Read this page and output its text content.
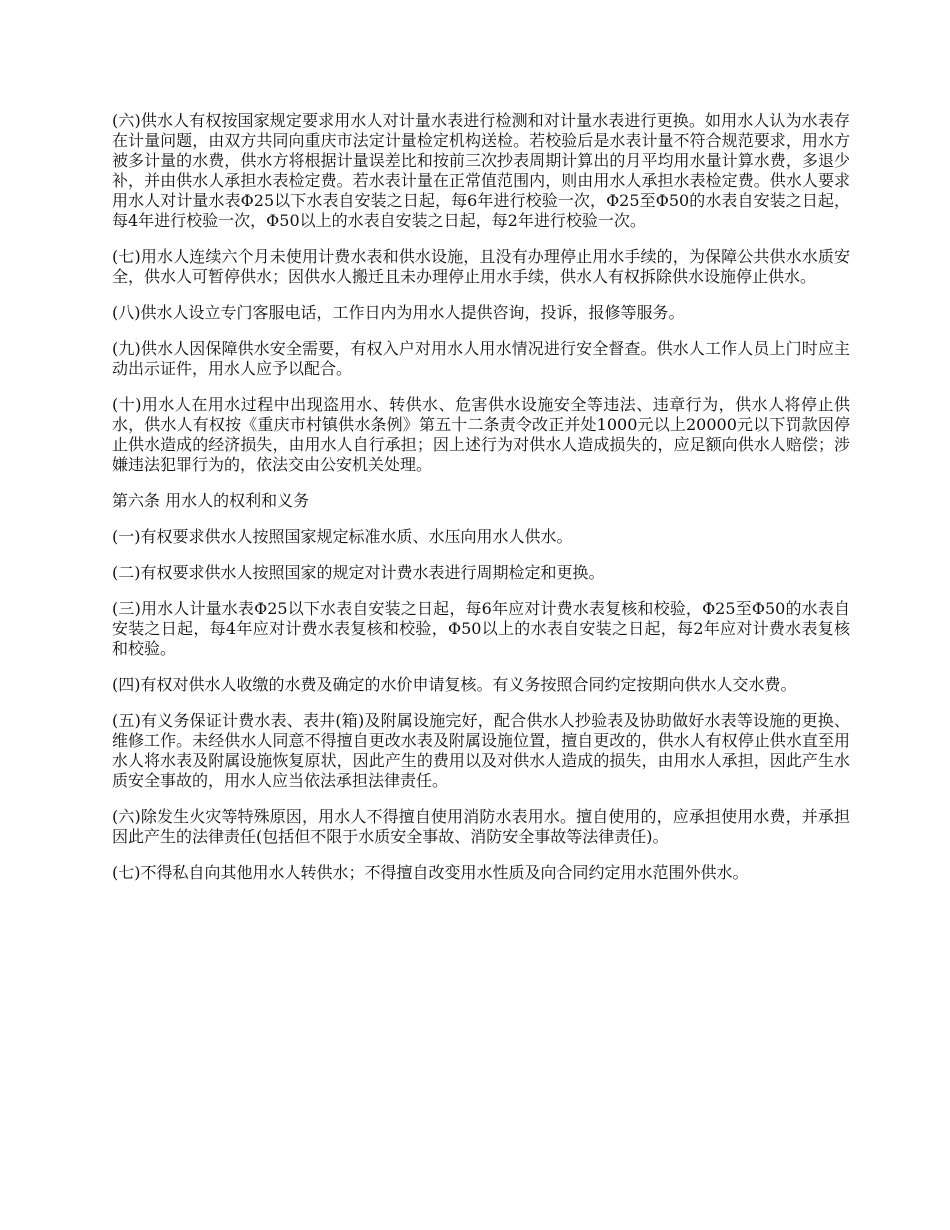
(六)供水人有权按国家规定要求用水人对计量水表进行检测和对计量水表进行更换。如用水人认为水表存在计量问题，由双方共同向重庆市法定计量检定机构送检。若校验后是水表计量不符合规范要求，用水方被多计量的水费，供水方将根据计量误差比和按前三次抄表周期计算出的月平均用水量计算水费，多退少补，并由供水人承担水表检定费。若水表计量在正常值范围内，则由用水人承担水表检定费。供水人要求用水人对计量水表Φ25以下水表自安装之日起，每6年进行校验一次，Φ25至Φ50的水表自安装之日起，每4年进行校验一次，Φ50以上的水表自安装之日起，每2年进行校验一次。

(七)用水人连续六个月未使用计费水表和供水设施，且没有办理停止用水手续的，为保障公共供水水质安全，供水人可暂停供水；因供水人搬迁且未办理停止用水手续，供水人有权拆除供水设施停止供水。

(八)供水人设立专门客服电话，工作日内为用水人提供咨询，投诉，报修等服务。

(九)供水人因保障供水安全需要，有权入户对用水人用水情况进行安全督查。供水人工作人员上门时应主动出示证件，用水人应予以配合。

(十)用水人在用水过程中出现盗用水、转供水、危害供水设施安全等违法、违章行为，供水人将停止供水，供水人有权按《重庆市村镇供水条例》第五十二条责令改正并处1000元以上20000元以下罚款因停止供水造成的经济损失，由用水人自行承担；因上述行为对供水人造成损失的，应足额向供水人赔偿；涉嫌违法犯罪行为的，依法交由公安机关处理。

第六条 用水人的权利和义务

(一)有权要求供水人按照国家规定标准水质、水压向用水人供水。

(二)有权要求供水人按照国家的规定对计费水表进行周期检定和更换。

(三)用水人计量水表Φ25以下水表自安装之日起，每6年应对计费水表复核和校验，Φ25至Φ50的水表自安装之日起，每4年应对计费水表复核和校验，Φ50以上的水表自安装之日起，每2年应对计费水表复核和校验。

(四)有权对供水人收缴的水费及确定的水价申请复核。有义务按照合同约定按期向供水人交水费。

(五)有义务保证计费水表、表井(箱)及附属设施完好，配合供水人抄验表及协助做好水表等设施的更换、维修工作。未经供水人同意不得擅自更改水表及附属设施位置，擅自更改的，供水人有权停止供水直至用水人将水表及附属设施恢复原状，因此产生的费用以及对供水人造成的损失，由用水人承担，因此产生水质安全事故的，用水人应当依法承担法律责任。

(六)除发生火灾等特殊原因，用水人不得擅自使用消防水表用水。擅自使用的，应承担使用水费，并承担因此产生的法律责任(包括但不限于水质安全事故、消防安全事故等法律责任)。

(七)不得私自向其他用水人转供水；不得擅自改变用水性质及向合同约定用水范围外供水。
